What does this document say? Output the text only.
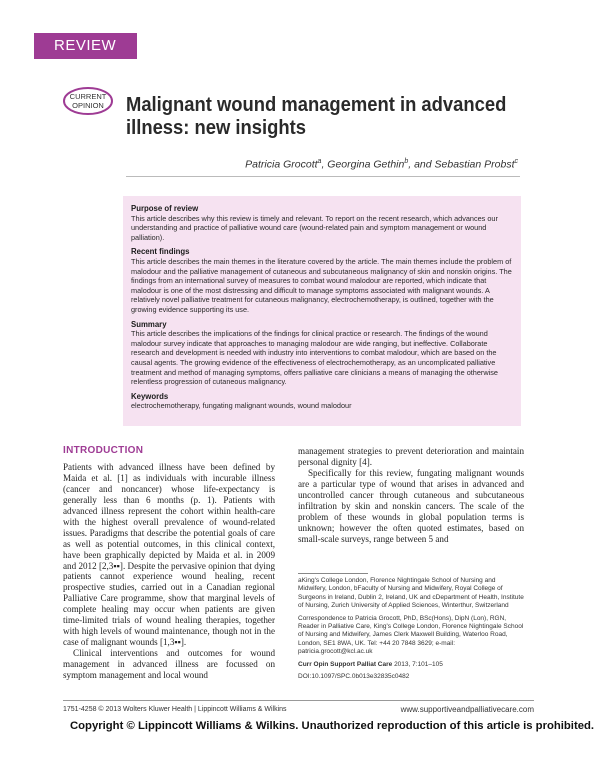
REVIEW
CURRENT
OPINION Malignant wound management in advanced illness: new insights
Patricia Grocott$^a$, Georgina Gethin$^b$, and Sebastian Probst$^c$
Purpose of review

This article describes why this review is timely and relevant. To report on the recent research, which advances our understanding and practice of palliative wound care (wound-related pain and symptom management or wound palliation).

Recent findings

This article describes the main themes in the literature covered by the article. The main themes include the problem of malodour and the palliative management of cutaneous and subcutaneous malignancy of skin and nonskin origins. The findings from an international survey of measures to combat wound malodour are reported, which indicate that malodour is one of the most distressing and difficult to manage symptoms associated with malignant wounds. A relatively novel palliative treatment for cutaneous malignancy, electrochemotherapy, is outlined, together with the growing evidence supporting its use.

Summary

This article describes the implications of the findings for clinical practice or research. The findings of the wound malodour survey indicate that approaches to managing malodour are wide ranging, but ineffective. Collaborate research and development is needed with industry into interventions to combat malodour, which are based on the causal agents. The growing evidence of the effectiveness of electrochemotherapy, as an uncomplicated palliative treatment and method of managing symptoms, offers palliative care clinicians a means of managing the otherwise relentless progression of cutaneous malignancy.

Keywords

electrochemotherapy, fungating malignant wounds, wound malodour

INTRODUCTION

Patients with advanced illness have been defined by Maida et al. [1] as individuals with incurable illness (cancer and noncancer) whose life-expectancy is generally less than 6 months (p. 1). Patients with advanced illness represent the cohort within health-care with the highest overall prevalence of wound-related issues. Paradigms that describe the potential goals of care as well as potential outcomes, in this clinical context, have been graphically depicted by Maida et al. in 2009 and 2012 [2,3▪▪]. Despite the pervasive opinion that dying patients cannot experience wound healing, recent prospective studies, carried out in a Canadian regional Palliative Care programme, show that marginal levels of complete healing may occur when patients are given time-limited trials of wound healing therapies, together with high levels of wound maintenance, though not in the case of malignant wounds [1,3▪▪].

Clinical interventions and outcomes for wound management in advanced illness are focussed on symptom management and local wound

management strategies to prevent deterioration and maintain personal dignity [4].

Specifically for this review, fungating malignant wounds are a particular type of wound that arises in advanced and uncontrolled cancer through cutaneous and subcutaneous infiltration by skin and nonskin cancers. The scale of the problem of these wounds in global population terms is unknown; however the often quoted estimates, based on small-scale surveys, range between 5 and

aKing's College London, Florence Nightingale School of Nursing and Midwifery, London, bFaculty of Nursing and Midwifery, Royal College of Surgeons in Ireland, Dublin 2, Ireland, UK and cDepartment of Health, Institute of Nursing, Zurich University of Applied Sciences, Winterthur, Switzerland

Correspondence to Patricia Grocott, PhD, BSc(Hons), DipN (Lon), RGN, Reader in Palliative Care, King's College London, Florence Nightingale School of Nursing and Midwifery, James Clerk Maxwell Building, Waterloo Road, London, SE1 8WA, UK. Tel: +44 20 7848 3629; e-mail: patricia.grocott@kcl.ac.uk

Curr Opin Support Palliat Care 2013, 7:101–105

DOI:10.1097/SPC.0b013e32835c0482

1751-4258 © 2013 Wolters Kluwer Health | Lippincott Williams & Wilkins	www.supportiveandpalliativecare.com
Copyright © Lippincott Williams & Wilkins. Unauthorized reproduction of this article is prohibited.
